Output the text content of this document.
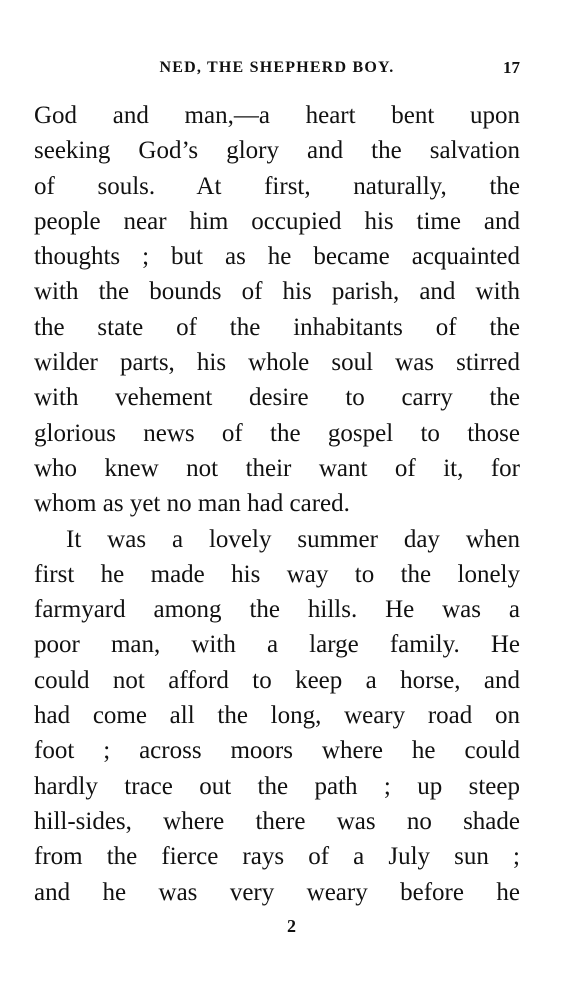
NED, THE SHEPHERD BOY.	17
God and man,—a heart bent upon
seeking God’s glory and the salvation
of souls. At first, naturally, the
people near him occupied his time and
thoughts ; but as he became acquainted
with the bounds of his parish, and with
the state of the inhabitants of the
wilder parts, his whole soul was stirred
with vehement desire to carry the
glorious news of the gospel to those
who knew not their want of it, for
whom as yet no man had cared.
It was a lovely summer day when
first he made his way to the lonely
farmyard among the hills. He was a
poor man, with a large family. He
could not afford to keep a horse, and
had come all the long, weary road on
foot ; across moors where he could
hardly trace out the path ; up steep
hill-sides, where there was no shade
from the fierce rays of a July sun ;
and he was very weary before he
2
